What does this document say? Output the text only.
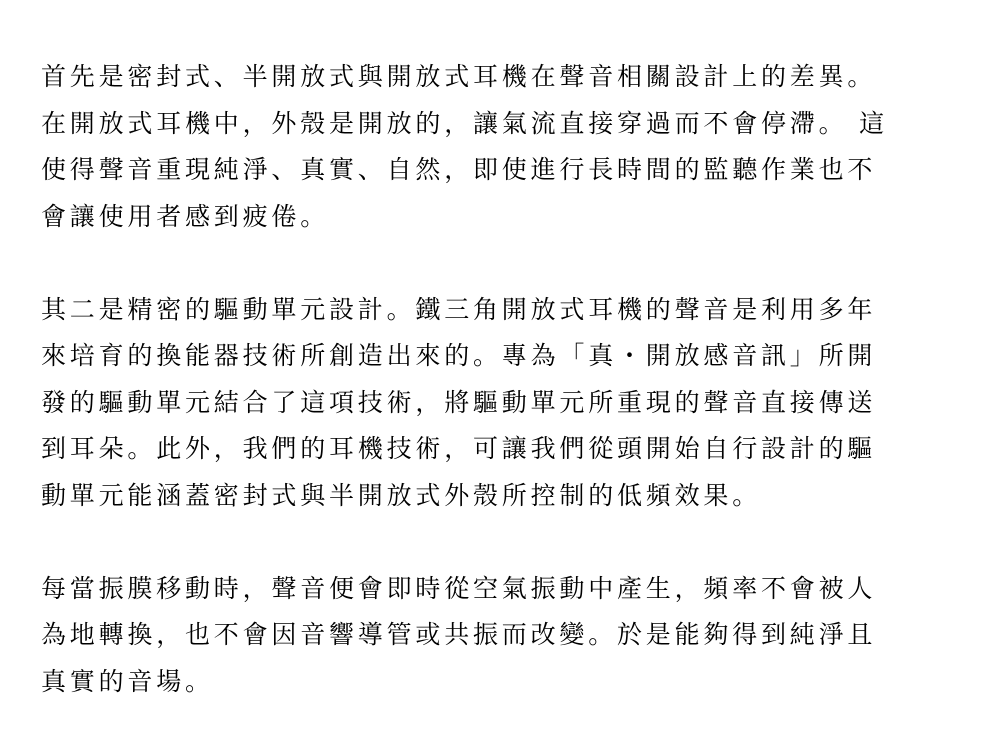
首先是密封式、半開放式與開放式耳機在聲音相關設計上的差異。
在開放式耳機中，外殼是開放的，讓氣流直接穿過而不會停滯。 這
使得聲音重現純淨、真實、自然，即使進行長時間的監聽作業也不
會讓使用者感到疲倦。
其二是精密的驅動單元設計。鐵三角開放式耳機的聲音是利用多年
來培育的換能器技術所創造出來的。專為「真・開放感音訊」所開
發的驅動單元結合了這項技術，將驅動單元所重現的聲音直接傳送
到耳朵。此外，我們的耳機技術，可讓我們從頭開始自行設計的驅
動單元能涵蓋密封式與半開放式外殼所控制的低頻效果。
每當振膜移動時，聲音便會即時從空氣振動中產生，頻率不會被人
為地轉換，也不會因音響導管或共振而改變。於是能夠得到純淨且
真實的音場。
